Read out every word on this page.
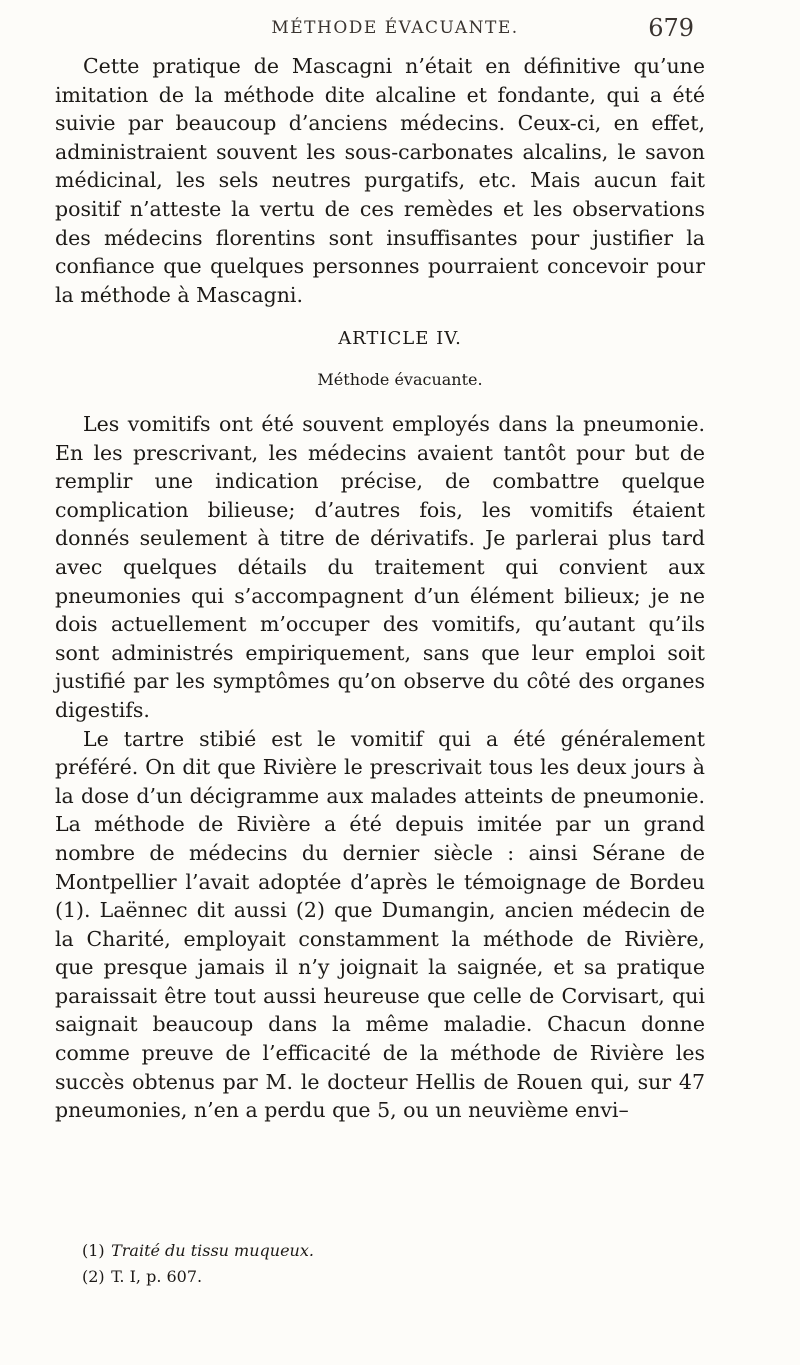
MÉTHODE ÉVACUANTE.	679

Cette pratique de Mascagni n’était en définitive qu’une imitation de la méthode dite alcaline et fondante, qui a été suivie par beaucoup d’anciens médecins. Ceux-ci, en effet, administraient souvent les sous-carbonates alcalins, le savon médicinal, les sels neutres purgatifs, etc. Mais aucun fait positif n’atteste la vertu de ces remèdes et les observations des médecins florentins sont insuffisantes pour justifier la confiance que quelques personnes pourraient concevoir pour la méthode à Mascagni.

ARTICLE IV.
Méthode évacuante.

Les vomitifs ont été souvent employés dans la pneumonie. En les prescrivant, les médecins avaient tantôt pour but de remplir une indication précise, de combattre quelque complication bilieuse; d’autres fois, les vomitifs étaient donnés seulement à titre de dérivatifs. Je parlerai plus tard avec quelques détails du traitement qui convient aux pneumonies qui s’accompagnent d’un élément bilieux; je ne dois actuellement m’occuper des vomitifs, qu’autant qu’ils sont administrés empiriquement, sans que leur emploi soit justifié par les symptômes qu’on observe du côté des organes digestifs.

Le tartre stibié est le vomitif qui a été généralement préféré. On dit que Rivière le prescrivait tous les deux jours à la dose d’un décigramme aux malades atteints de pneumonie. La méthode de Rivière a été depuis imitée par un grand nombre de médecins du dernier siècle : ainsi Sérane de Montpellier l’avait adoptée d’après le témoignage de Bordeu (1). Laënnec dit aussi (2) que Dumangin, ancien médecin de la Charité, employait constamment la méthode de Rivière, que presque jamais il n’y joignait la saignée, et sa pratique paraissait être tout aussi heureuse que celle de Corvisart, qui saignait beaucoup dans la même maladie. Chacun donne comme preuve de l’efficacité de la méthode de Rivière les succès obtenus par M. le docteur Hellis de Rouen qui, sur 47 pneumonies, n’en a perdu que 5, ou un neuvième envi–

(1) Traité du tissu muqueux.
(2) T. I, p. 607.
